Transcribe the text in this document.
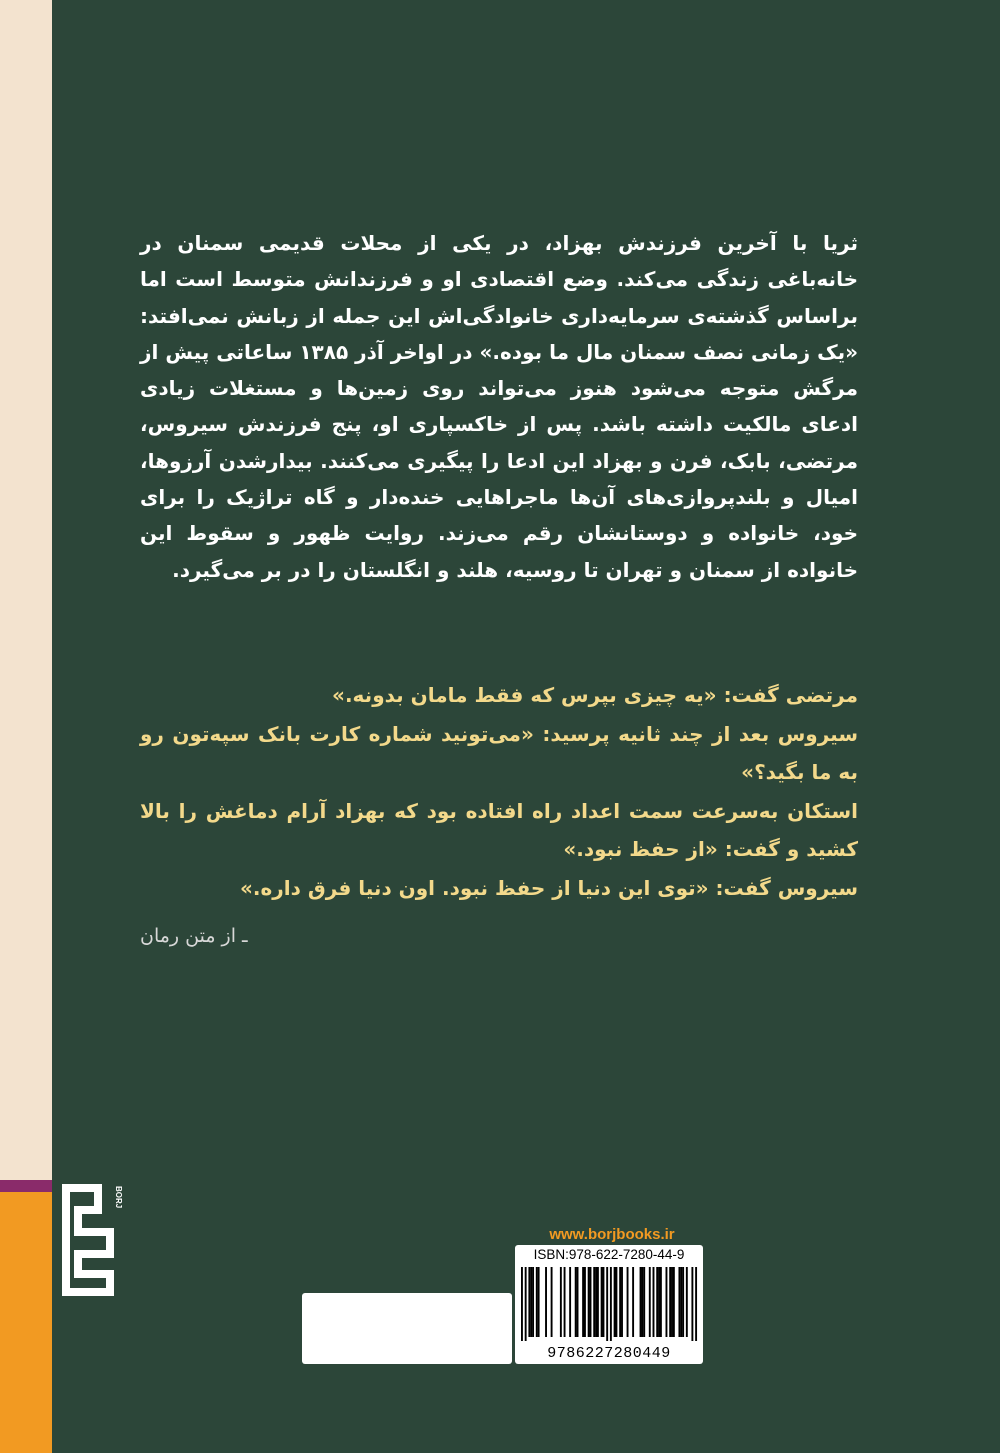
ثریا با آخرین فرزندش بهزاد، در یکی از محلات قدیمی سمنان در خانه‌باغی زندگی می‌کند. وضع اقتصادی او و فرزندانش متوسط است اما براساس گذشته‌ی سرمایه‌داری خانوادگی‌اش این جمله از زبانش نمی‌افتد: «یک زمانی نصف سمنان مال ما بوده.» در اواخر آذر ۱۳۸۵ ساعاتی پیش از مرگش متوجه می‌شود هنوز می‌تواند روی زمین‌ها و مستغلات زیادی ادعای مالکیت داشته باشد. پس از خاکسپاری او، پنج فرزندش سیروس، مرتضی، بابک، فرن و بهزاد این ادعا را پیگیری می‌کنند. بیدارشدن آرزوها، امیال و بلندپروازی‌های آن‌ها ماجراهایی خنده‌دار و گاه تراژیک را برای خود، خانواده و دوستانشان رقم می‌زند. روایت ظهور و سقوط این خانواده از سمنان و تهران تا روسیه، هلند و انگلستان را در بر می‌گیرد.

مرتضی گفت: «یه چیزی بپرس که فقط مامان بدونه.»

سیروس بعد از چند ثانیه پرسید: «می‌تونید شماره کارت بانک سپه‌تون رو به ما بگید؟»

استکان به‌سرعت سمت اعداد راه افتاده بود که بهزاد آرام دماغش را بالا کشید و گفت: «از حفظ نبود.»

سیروس گفت: «توی این دنیا از حفظ نبود. اون دنیا فرق داره.»

ـ از متن رمان
BORJ
www.borjbooks.ir
ISBN:978-622-7280-44-9
9786227280449
